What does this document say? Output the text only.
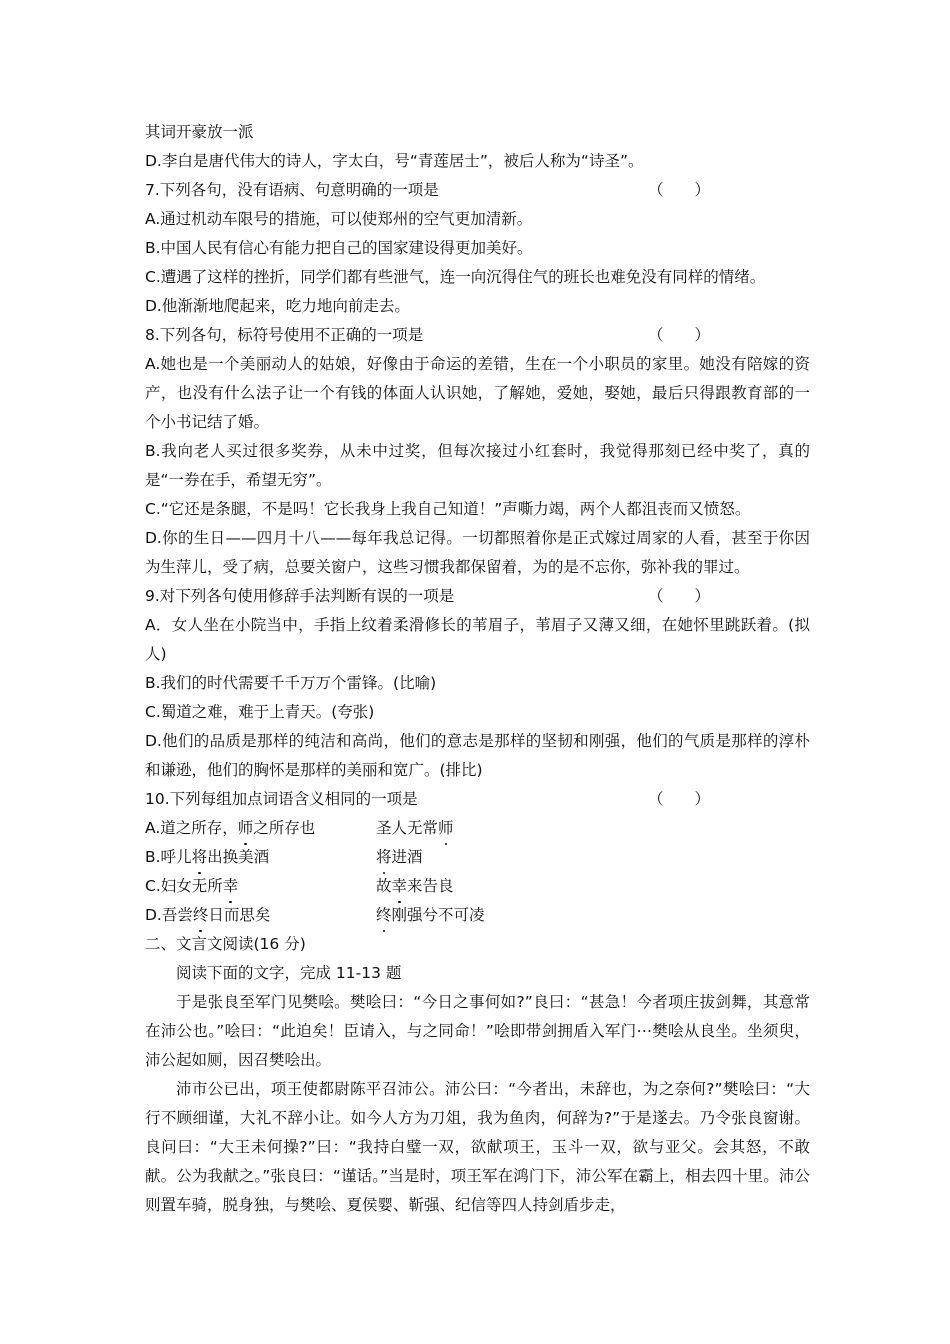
其词开豪放一派
D.李白是唐代伟大的诗人，字太白，号“青莲居士”，被后人称为“诗圣”。
7.下列各句，没有语病、句意明确的一项是	（　　）
A.通过机动车限号的措施，可以使郑州的空气更加清新。
B.中国人民有信心有能力把自己的国家建设得更加美好。
C.遭遇了这样的挫折，同学们都有些泄气，连一向沉得住气的班长也难免没有同样的情绪。
D.他渐渐地爬起来，吃力地向前走去。
8.下列各句，标符号使用不正确的一项是	（　　）
A.她也是一个美丽动人的姑娘，好像由于命运的差错，生在一个小职员的家里。她没有陪嫁的资产，也没有什么法子让一个有钱的体面人认识她，了解她，爱她，娶她，最后只得跟教育部的一个小书记结了婚。
B.我向老人买过很多奖券，从未中过奖，但每次接过小红套时，我觉得那刻已经中奖了，真的是“一券在手，希望无穷”。
C.“它还是条腿，不是吗！它长我身上我自己知道！”声嘶力竭，两个人都沮丧而又愤怒。
D.你的生日——四月十八——每年我总记得。一切都照着你是正式嫁过周家的人看，甚至于你因为生萍儿，受了病，总要关窗户，这些习惯我都保留着，为的是不忘你，弥补我的罪过。
9.对下列各句使用修辞手法判断有误的一项是	（　　）
A．女人坐在小院当中，手指上纹着柔滑修长的苇眉子，苇眉子又薄又细，在她怀里跳跃着。(拟人)
B.我们的时代需要千千万万个雷锋。(比喻)
C.蜀道之难，难于上青天。(夸张)
D.他们的品质是那样的纯洁和高尚，他们的意志是那样的坚韧和刚强，他们的气质是那样的淳朴和谦逊，他们的胸怀是那样的美丽和宽广。(排比)
10.下列每组加点词语含义相同的一项是	（　　）
A.道之所存，师之所存也	圣人无常师
B.呼儿将出换美酒	将进酒
C.妇女无所幸	故幸来告良
D.吾尝终日而思矣	终刚强兮不可凌
二、文言文阅读(16 分)
阅读下面的文字，完成 11-13 题
于是张良至军门见樊哙。樊哙曰：“今日之事何如?”良曰：“甚急！今者项庄拔剑舞，其意常在沛公也。”哙曰：“此迫矣！臣请入，与之同命！”哙即带剑拥盾入军门⋯樊哙从良坐。坐须臾，沛公起如厕，因召樊哙出。
沛市公已出，项王使都尉陈平召沛公。沛公曰：“今者出，未辞也，为之奈何?”樊哙曰：“大行不顾细谨，大礼不辞小让。如今人方为刀俎，我为鱼肉，何辞为?”于是遂去。乃令张良窗谢。良问曰：“大王未何操?”曰：“我持白璧一双，欲献项王，玉斗一双，欲与亚父。会其怒，不敢献。公为我献之。”张良曰：“谨话。”当是时，项王军在鸿门下，沛公军在霸上，相去四十里。沛公则置车骑，脱身独，与樊哙、夏侯婴、靳强、纪信等四人持剑盾步走，
